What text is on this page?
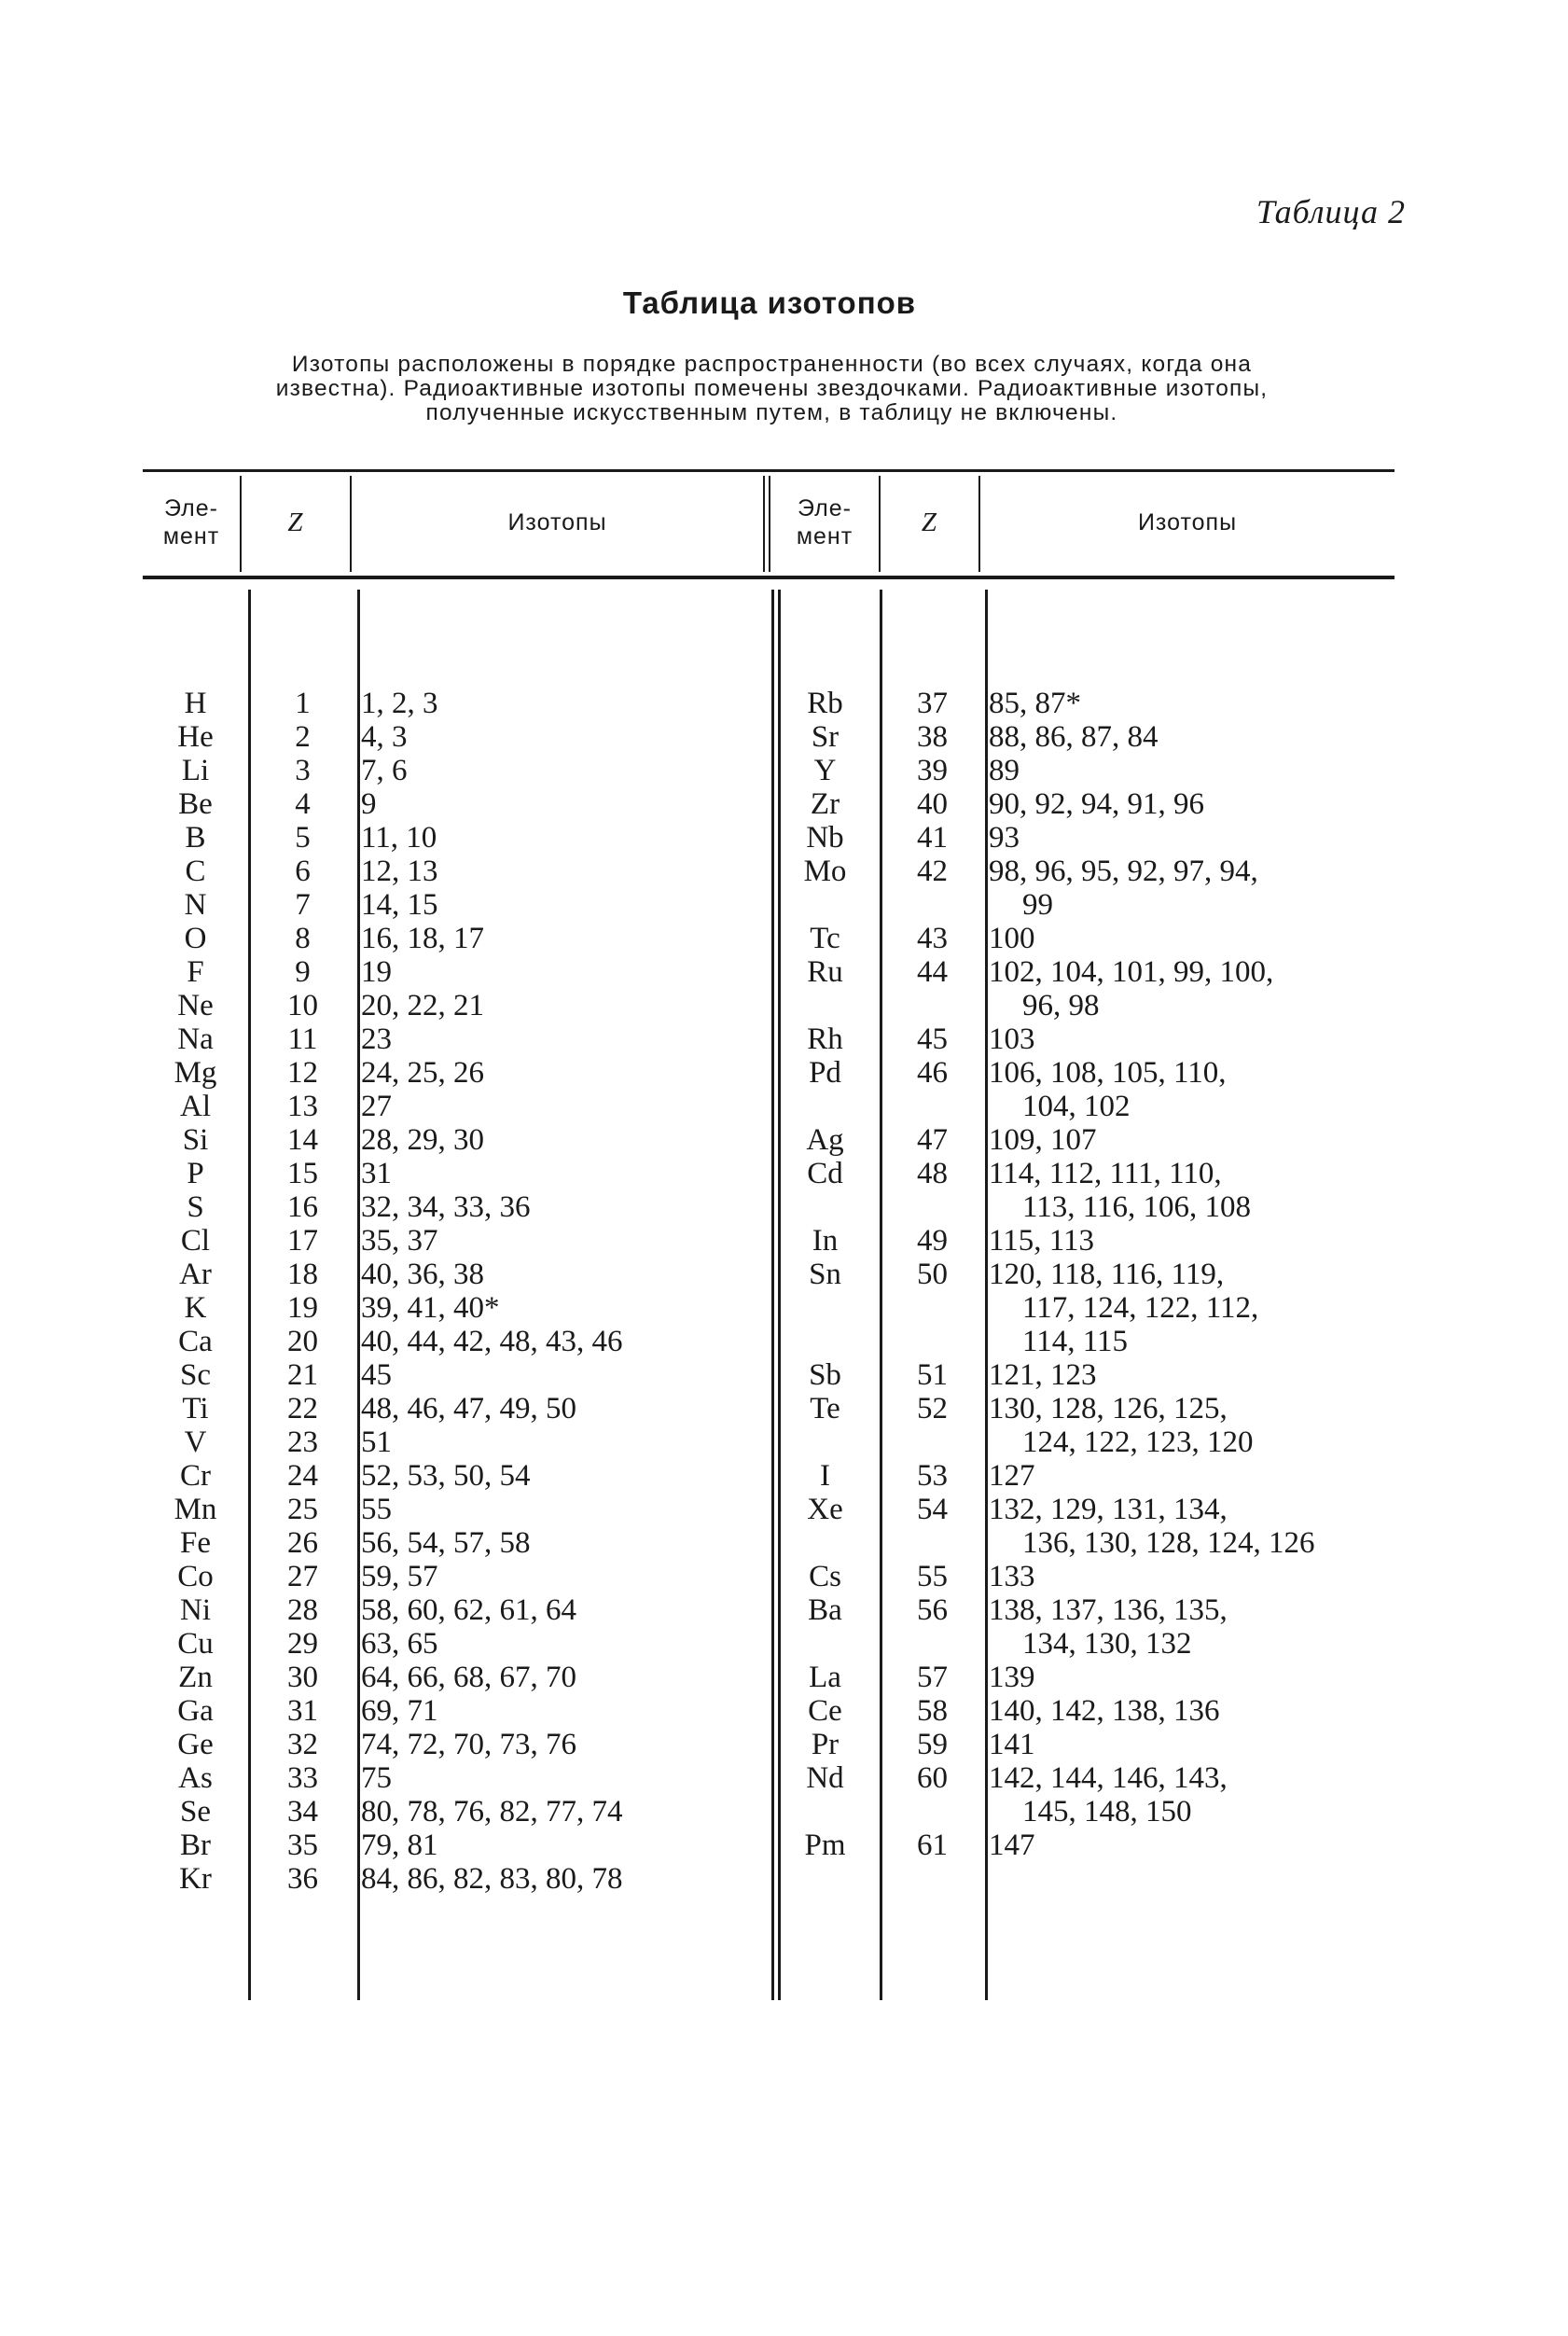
Таблица 2
Таблица изотопов
Изотопы расположены в порядке распространенности (во всех случаях, когда она
известна). Радиоактивные изотопы помечены звездочками. Радиоактивные изотопы,
полученные искусственным путем, в таблицу не включены.
Эле-
мент	Z	Изотопы
Эле-
мент	Z	Изотопы
H	1	1, 2, 3
He	2	4, 3
Li	3	7, 6
Be	4	9
B	5	11, 10
C	6	12, 13
N	7	14, 15
O	8	16, 18, 17
F	9	19
Ne	10	20, 22, 21
Na	11	23
Mg	12	24, 25, 26
Al	13	27
Si	14	28, 29, 30
P	15	31
S	16	32, 34, 33, 36
Cl	17	35, 37
Ar	18	40, 36, 38
K	19	39, 41, 40*
Ca	20	40, 44, 42, 48, 43, 46
Sc	21	45
Ti	22	48, 46, 47, 49, 50
V	23	51
Cr	24	52, 53, 50, 54
Mn	25	55
Fe	26	56, 54, 57, 58
Co	27	59, 57
Ni	28	58, 60, 62, 61, 64
Cu	29	63, 65
Zn	30	64, 66, 68, 67, 70
Ga	31	69, 71
Ge	32	74, 72, 70, 73, 76
As	33	75
Se	34	80, 78, 76, 82, 77, 74
Br	35	79, 81
Kr	36	84, 86, 82, 83, 80, 78
Rb	37	85, 87*
Sr	38	88, 86, 87, 84
Y	39	89
Zr	40	90, 92, 94, 91, 96
Nb	41	93
Mo	42	98, 96, 95, 92, 97, 94,
99
Tc	43	100
Ru	44	102, 104, 101, 99, 100,
96, 98
Rh	45	103
Pd	46	106, 108, 105, 110,
104, 102
Ag	47	109, 107
Cd	48	114, 112, 111, 110,
113, 116, 106, 108
In	49	115, 113
Sn	50	120, 118, 116, 119,
117, 124, 122, 112,
114, 115
Sb	51	121, 123
Te	52	130, 128, 126, 125,
124, 122, 123, 120
I	53	127
Xe	54	132, 129, 131, 134,
136, 130, 128, 124, 126
Cs	55	133
Ba	56	138, 137, 136, 135,
134, 130, 132
La	57	139
Ce	58	140, 142, 138, 136
Pr	59	141
Nd	60	142, 144, 146, 143,
145, 148, 150
Pm	61	147
